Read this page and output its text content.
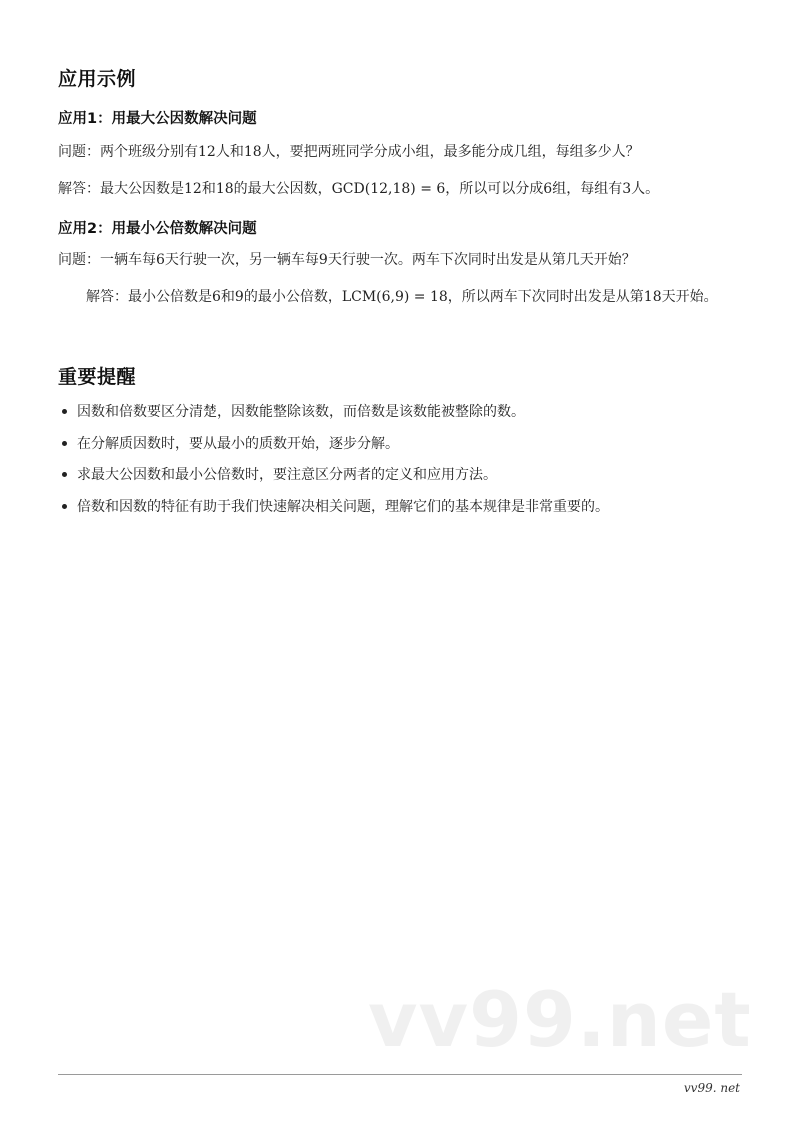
应用示例
应用1：用最大公因数解决问题
问题：两个班级分别有12人和18人，要把两班同学分成小组，最多能分成几组，每组多少人？
解答：最大公因数是12和18的最大公因数，GCD(12,18) = 6，所以可以分成6组，每组有3人。
应用2：用最小公倍数解决问题
问题：一辆车每6天行驶一次，另一辆车每9天行驶一次。两车下次同时出发是从第几天开始？
解答：最小公倍数是6和9的最小公倍数，LCM(6,9) = 18，所以两车下次同时出发是从第18天开始。
重要提醒
因数和倍数要区分清楚，因数能整除该数，而倍数是该数能被整除的数。
在分解质因数时，要从最小的质数开始，逐步分解。
求最大公因数和最小公倍数时，要注意区分两者的定义和应用方法。
倍数和因数的特征有助于我们快速解决相关问题，理解它们的基本规律是非常重要的。
vv99.net
vv99. net
